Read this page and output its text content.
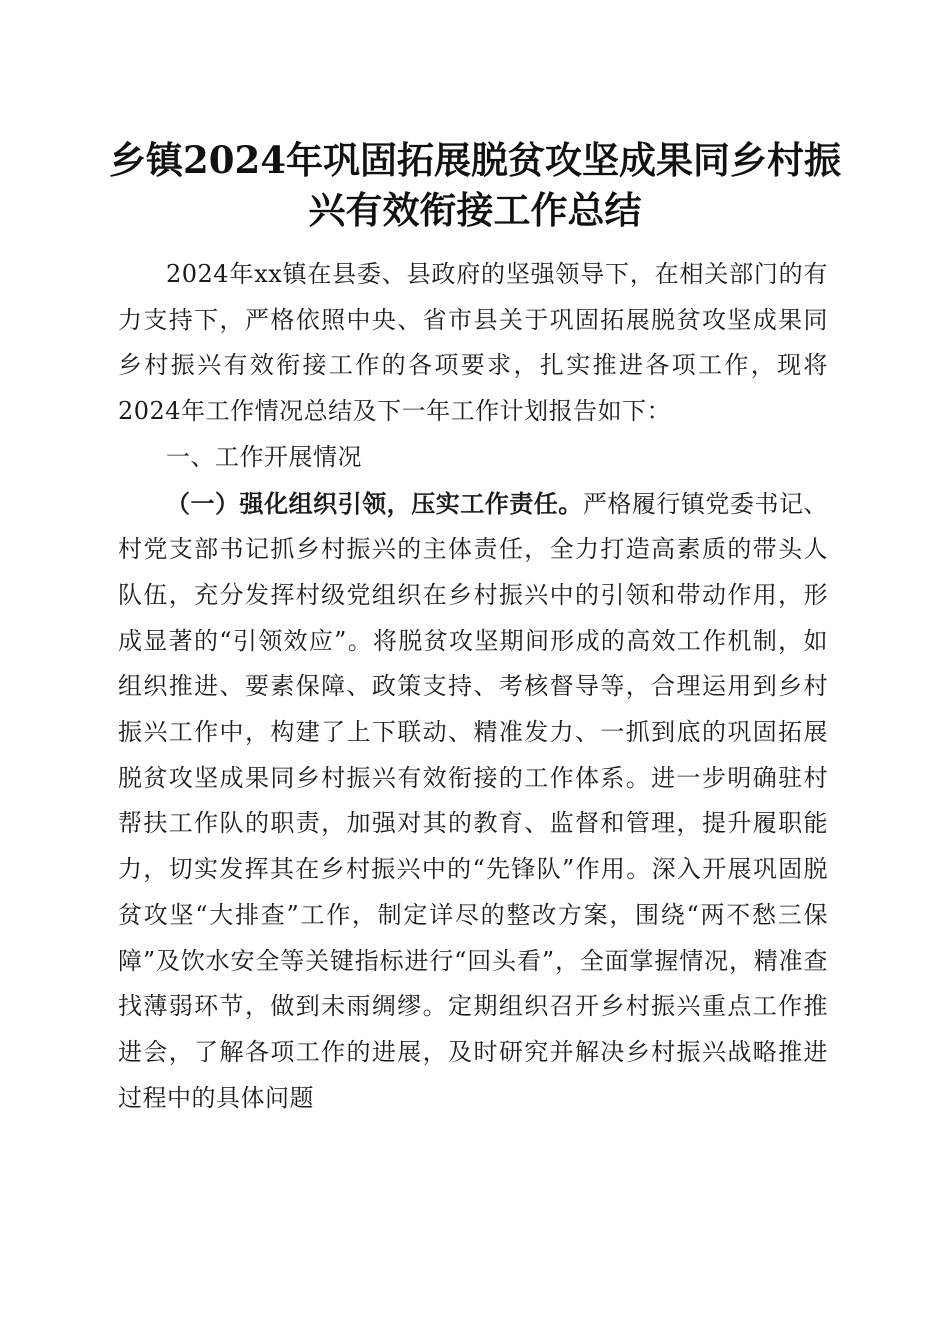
乡镇2024年巩固拓展脱贫攻坚成果同乡村振兴有效衔接工作总结

2024年xx镇在县委、县政府的坚强领导下，在相关部门的有力支持下，严格依照中央、省市县关于巩固拓展脱贫攻坚成果同乡村振兴有效衔接工作的各项要求，扎实推进各项工作，现将2024年工作情况总结及下一年工作计划报告如下：

一、工作开展情况

（一）强化组织引领，压实工作责任。严格履行镇党委书记、村党支部书记抓乡村振兴的主体责任，全力打造高素质的带头人队伍，充分发挥村级党组织在乡村振兴中的引领和带动作用，形成显著的“引领效应”。将脱贫攻坚期间形成的高效工作机制，如组织推进、要素保障、政策支持、考核督导等，合理运用到乡村振兴工作中，构建了上下联动、精准发力、一抓到底的巩固拓展脱贫攻坚成果同乡村振兴有效衔接的工作体系。进一步明确驻村帮扶工作队的职责，加强对其的教育、监督和管理，提升履职能力，切实发挥其在乡村振兴中的“先锋队”作用。深入开展巩固脱贫攻坚“大排查”工作，制定详尽的整改方案，围绕“两不愁三保障”及饮水安全等关键指标进行“回头看”，全面掌握情况，精准查找薄弱环节，做到未雨绸缪。定期组织召开乡村振兴重点工作推进会，了解各项工作的进展，及时研究并解决乡村振兴战略推进过程中的具体问题
